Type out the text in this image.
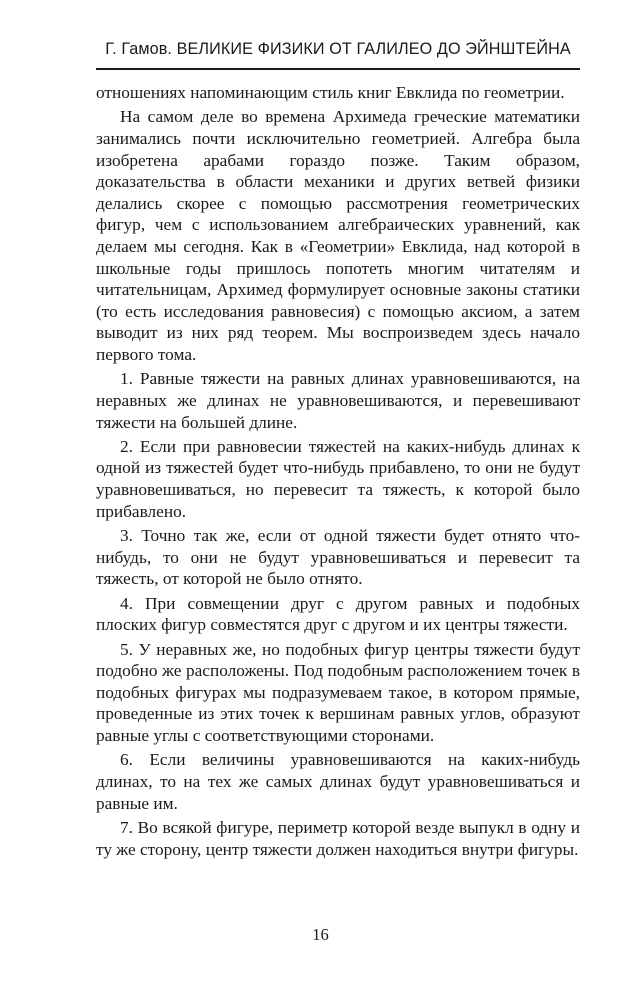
Г. Гамов. ВЕЛИКИЕ ФИЗИКИ ОТ ГАЛИЛЕО ДО ЭЙНШТЕЙНА

отношениях напоминающим стиль книг Евклида по геометрии.

На самом деле во времена Архимеда греческие математики занимались почти исключительно геометрией. Алгебра была изобретена арабами гораздо позже. Таким образом, доказательства в области механики и других ветвей физики делались скорее с помощью рассмотрения геометрических фигур, чем с использованием алгебраических уравнений, как делаем мы сегодня. Как в «Геометрии» Евклида, над которой в школьные годы пришлось попотеть многим читателям и читательницам, Архимед формулирует основные законы статики (то есть исследования равновесия) с помощью аксиом, а затем выводит из них ряд теорем. Мы воспроизведем здесь начало первого тома.

1. Равные тяжести на равных длинах уравновешиваются, на неравных же длинах не уравновешиваются, и перевешивают тяжести на большей длине.

2. Если при равновесии тяжестей на каких-нибудь длинах к одной из тяжестей будет что-нибудь прибавлено, то они не будут уравновешиваться, но перевесит та тяжесть, к которой было прибавлено.

3. Точно так же, если от одной тяжести будет отнято что-нибудь, то они не будут уравновешиваться и перевесит та тяжесть, от которой не было отнято.

4. При совмещении друг с другом равных и подобных плоских фигур совместятся друг с другом и их центры тяжести.

5. У неравных же, но подобных фигур центры тяжести будут подобно же расположены. Под подобным расположением точек в подобных фигурах мы подразумеваем такое, в котором прямые, проведенные из этих точек к вершинам равных углов, образуют равные углы с соответствующими сторонами.

6. Если величины уравновешиваются на каких-нибудь длинах, то на тех же самых длинах будут уравновешиваться и равные им.

7. Во всякой фигуре, периметр которой везде выпукл в одну и ту же сторону, центр тяжести должен находиться внутри фигуры.

16
